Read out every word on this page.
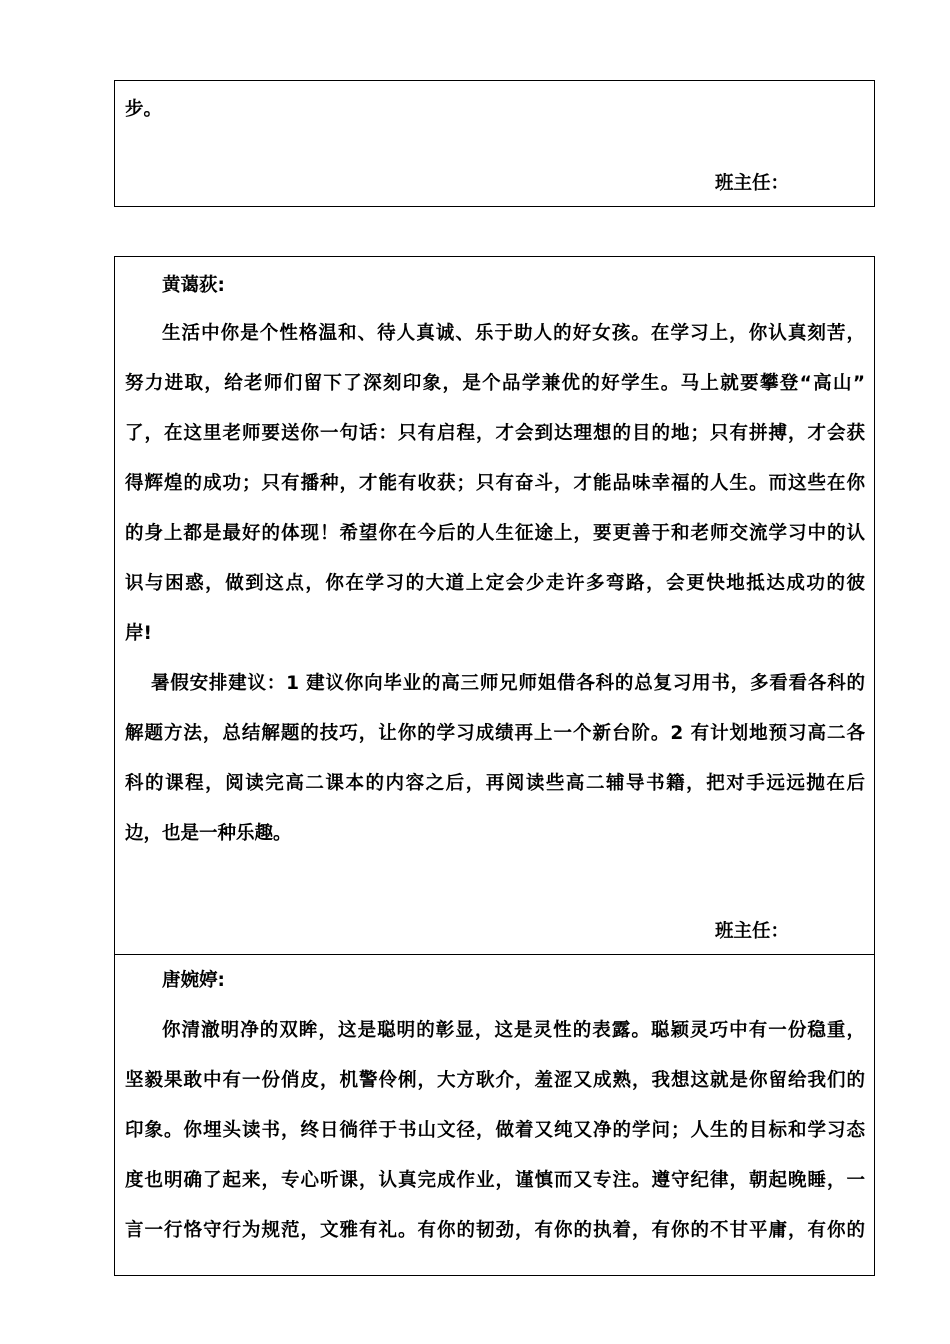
步。
班主任：
黄蔼荻:
生活中你是个性格温和、待人真诚、乐于助人的好女孩。在学习上，你认真刻苦，
努力进取，给老师们留下了深刻印象，是个品学兼优的好学生。马上就要攀登“高山”
了，在这里老师要送你一句话：只有启程，才会到达理想的目的地；只有拼搏，才会获
得辉煌的成功；只有播种，才能有收获；只有奋斗，才能品味幸福的人生。而这些在你
的身上都是最好的体现！希望你在今后的人生征途上，要更善于和老师交流学习中的认
识与困惑，做到这点，你在学习的大道上定会少走许多弯路，会更快地抵达成功的彼
岸!
暑假安排建议：1 建议你向毕业的高三师兄师姐借各科的总复习用书，多看看各科的
解题方法，总结解题的技巧，让你的学习成绩再上一个新台阶。2 有计划地预习高二各
科的课程，阅读完高二课本的内容之后，再阅读些高二辅导书籍，把对手远远抛在后
边，也是一种乐趣。
班主任：
唐婉婷:
你清澈明净的双眸，这是聪明的彰显，这是灵性的表露。聪颖灵巧中有一份稳重，
坚毅果敢中有一份俏皮，机警伶俐，大方耿介，羞涩又成熟，我想这就是你留给我们的
印象。你埋头读书，终日徜徉于书山文径，做着又纯又净的学问；人生的目标和学习态
度也明确了起来，专心听课，认真完成作业，谨慎而又专注。遵守纪律，朝起晚睡，一
言一行恪守行为规范，文雅有礼。有你的韧劲，有你的执着，有你的不甘平庸，有你的
